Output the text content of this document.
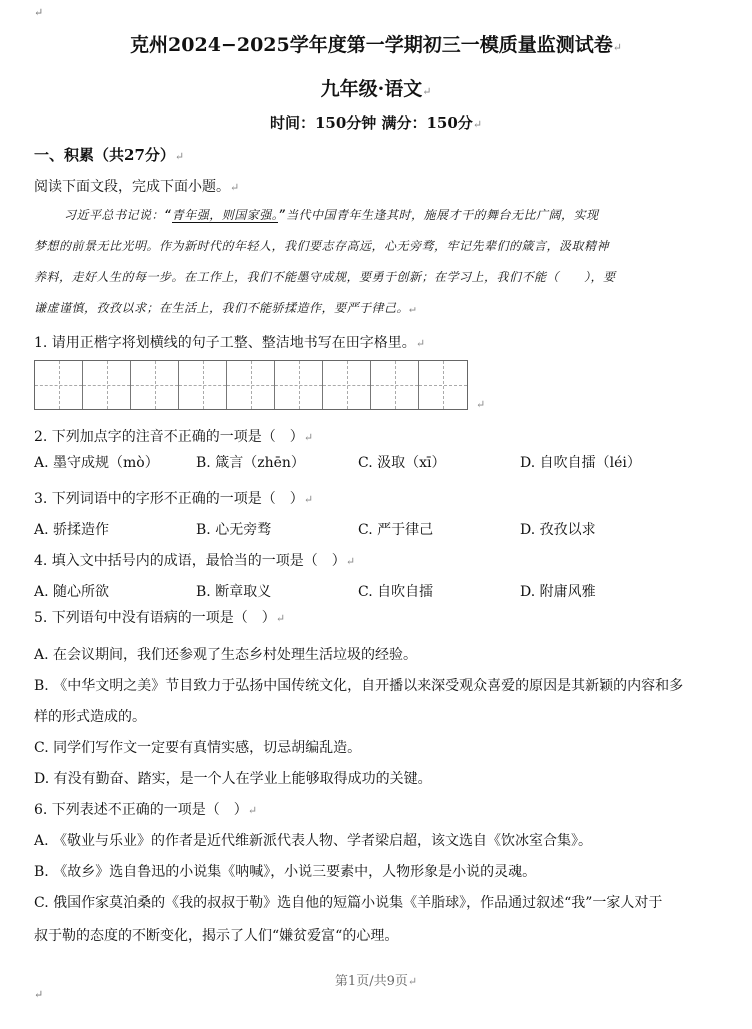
↵
克州2024−2025学年度第一学期初三一模质量监测试卷↵
九年级·语文↵
时间：150分钟 满分：150分↵
一、积累（共27分）↵
阅读下面文段，完成下面小题。↵
习近平总书记说：“青年强，则国家强。”当代中国青年生逢其时，施展才干的舞台无比广阔，实现
梦想的前景无比光明。作为新时代的年轻人，我们要志存高远，心无旁骛，牢记先辈们的箴言，汲取精神
养料，走好人生的每一步。在工作上，我们不能墨守成规，要勇于创新；在学习上，我们不能（　　），要
谦虚谨慎，孜孜以求；在生活上，我们不能骄揉造作，要严于律己。↵
1. 请用正楷字将划横线的句子工整、整洁地书写在田字格里。↵
↵
2. 下列加点字的注音不正确的一项是（　）↵
A. 墨守成规（mò）	B. 箴言（zhēn）	C. 汲取（xī）	D. 自吹自擂（léi）
3. 下列词语中的字形不正确的一项是（　）↵
A. 骄揉造作	B. 心无旁骛	C. 严于律己	D. 孜孜以求
4. 填入文中括号内的成语，最恰当的一项是（　）↵
A. 随心所欲	B. 断章取义	C. 自吹自擂	D. 附庸风雅
5. 下列语句中没有语病的一项是（　）↵
A. 在会议期间，我们还参观了生态乡村处理生活垃圾的经验。
B. 《中华文明之美》节目致力于弘扬中国传统文化，自开播以来深受观众喜爱的原因是其新颖的内容和多
样的形式造成的。
C. 同学们写作文一定要有真情实感，切忌胡编乱造。
D. 有没有勤奋、踏实，是一个人在学业上能够取得成功的关键。
6. 下列表述不正确的一项是（　）↵
A. 《敬业与乐业》的作者是近代维新派代表人物、学者梁启超，该文选自《饮冰室合集》。
B. 《故乡》选自鲁迅的小说集《呐喊》，小说三要素中，人物形象是小说的灵魂。
C. 俄国作家莫泊桑的《我的叔叔于勒》选自他的短篇小说集《羊脂球》，作品通过叙述“我”一家人对于
叔于勒的态度的不断变化，揭示了人们“嫌贫爱富“的心理。
第1页/共9页↵
↵
